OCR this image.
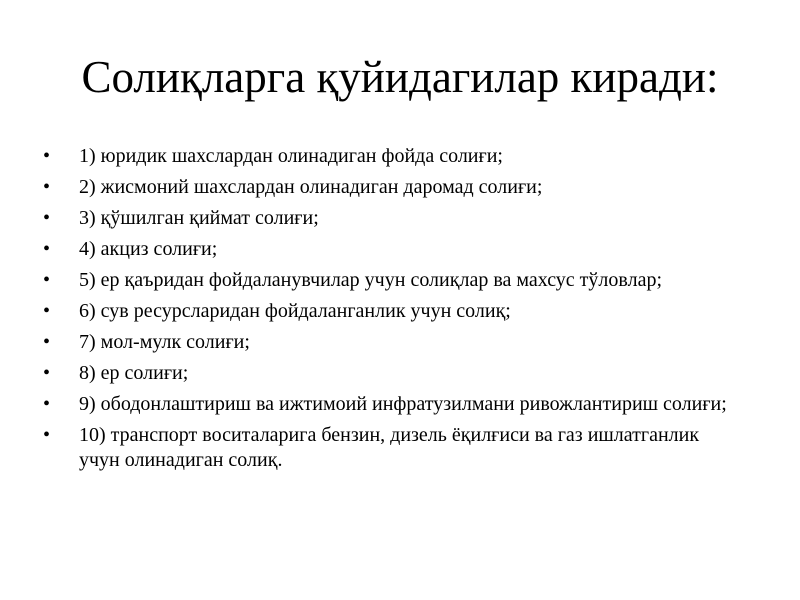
Солиқларга қуйидагилар киради:
• 1) юридик шахслардан олинадиган фойда солиғи;
• 2) жисмоний шахслардан олинадиган даромад солиғи;
• 3) қўшилган қиймат солиғи;
• 4) акциз солиғи;
• 5) ер қаъридан фойдаланувчилар учун солиқлар ва махсус тўловлар;
• 6) сув ресурсларидан фойдаланганлик учун солиқ;
• 7) мол-мулк солиғи;
• 8) ер солиғи;
• 9) ободонлаштириш ва ижтимоий инфратузилмани ривожлантириш солиғи;
• 10) транспорт воситаларига бензин, дизель ёқилғиси ва газ ишлатганлик учун олинадиган солиқ.
